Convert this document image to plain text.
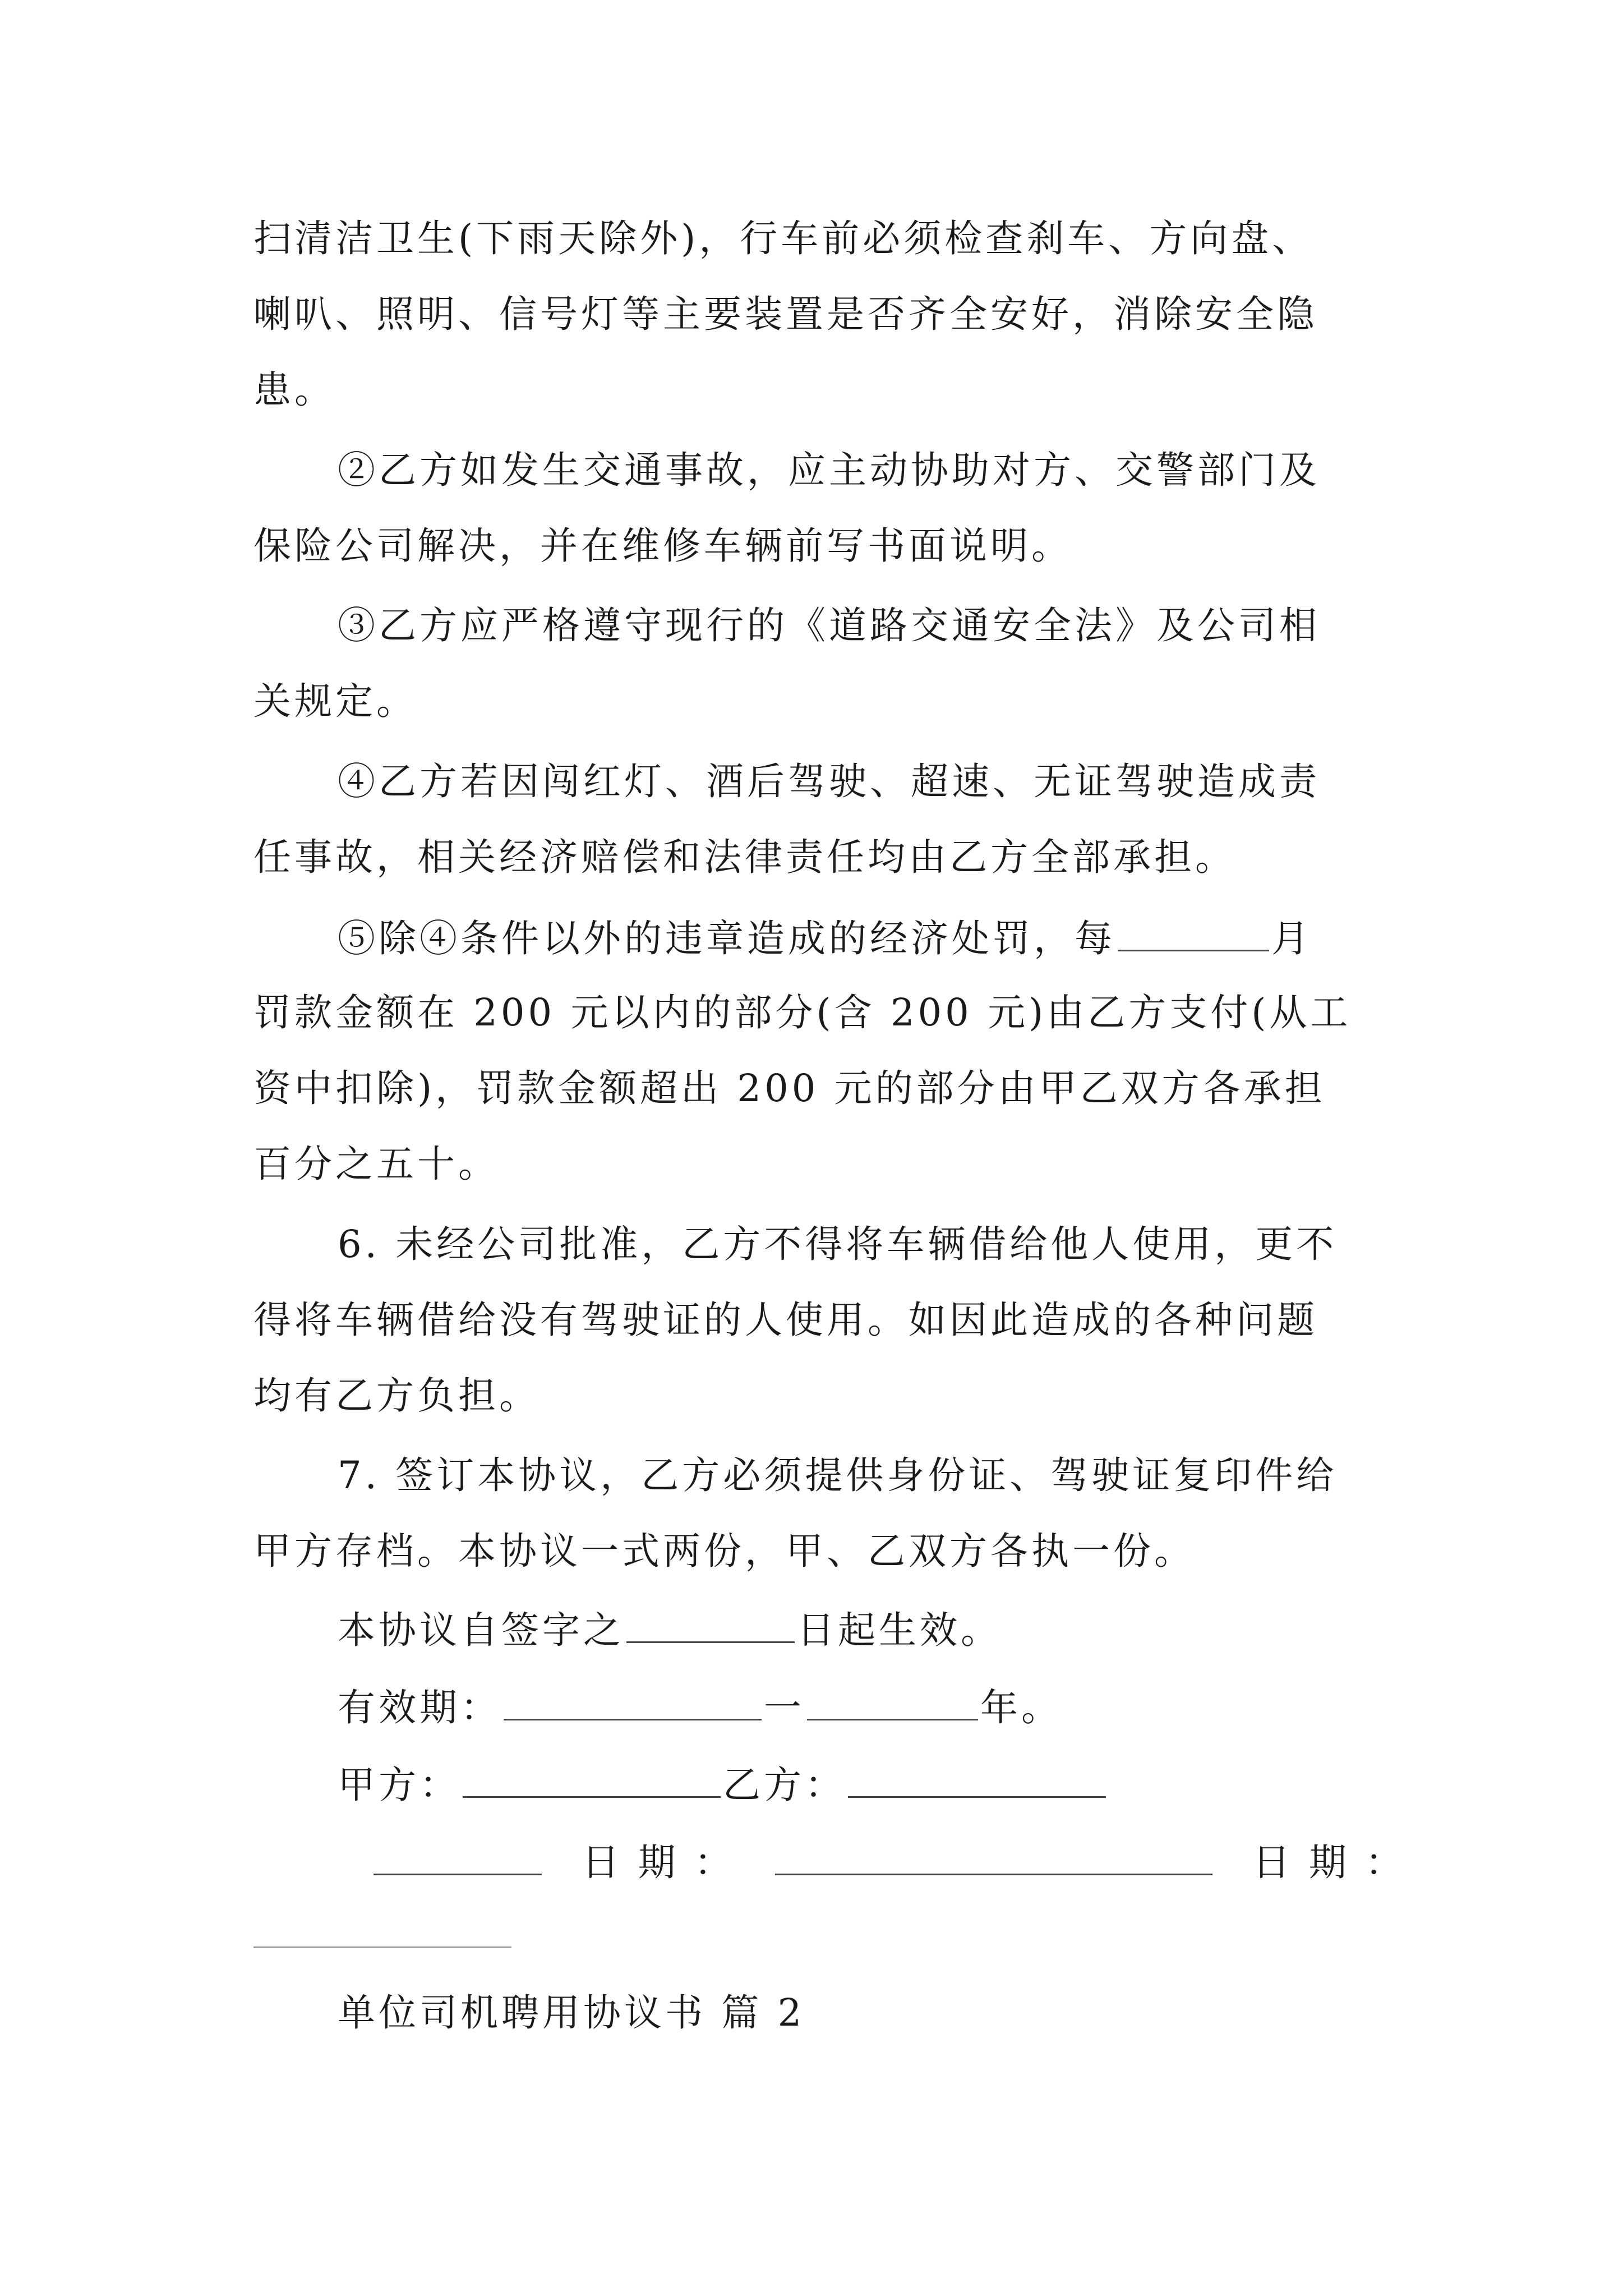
扫清洁卫生(下雨天除外)，行车前必须检查刹车、方向盘、
喇叭、照明、信号灯等主要装置是否齐全安好，消除安全隐
患。
②乙方如发生交通事故，应主动协助对方、交警部门及
保险公司解决，并在维修车辆前写书面说明。
③乙方应严格遵守现行的《道路交通安全法》及公司相
关规定。
④乙方若因闯红灯、酒后驾驶、超速、无证驾驶造成责
任事故，相关经济赔偿和法律责任均由乙方全部承担。
⑤除④条件以外的违章造成的经济处罚，每	月
罚款金额在 200 元以内的部分(含 200 元)由乙方支付(从工
资中扣除)，罚款金额超出 200 元的部分由甲乙双方各承担
百分之五十。
6. 未经公司批准，乙方不得将车辆借给他人使用，更不
得将车辆借给没有驾驶证的人使用。如因此造成的各种问题
均有乙方负担。
7. 签订本协议，乙方必须提供身份证、驾驶证复印件给
甲方存档。本协议一式两份，甲、乙双方各执一份。
本协议自签字之	日起生效。
有效期：	一	年。
甲方：	乙方：
日 期 ：	日 期 ：
单位司机聘用协议书 篇 2
